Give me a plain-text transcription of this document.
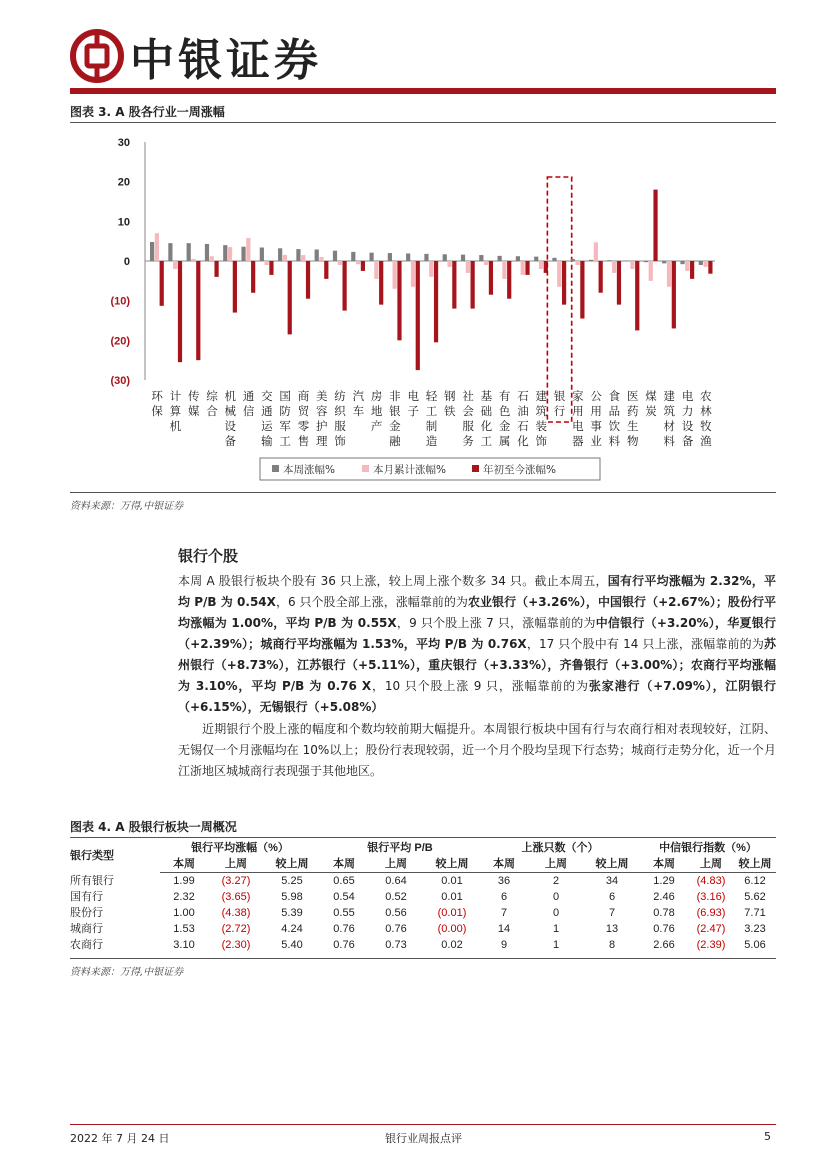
中银证券
图表 3. A 股各行业一周涨幅
30
20
10
0
(10)
(20)
(30)
环
保
计
算
机
传
媒
综
合
机
械
设
备
通
信
交
通
运
输
国
防
军
工
商
贸
零
售
美
容
护
理
纺
织
服
饰
汽
车
房
地
产
非
银
金
融
电
子
轻
工
制
造
钢
铁
社
会
服
务
基
础
化
工
有
色
金
属
石
油
石
化
建
筑
装
饰
银
行
家
用
电
器
公
用
事
业
食
品
饮
料
医
药
生
物
煤
炭
建
筑
材
料
电
力
设
备
农
林
牧
渔
本周涨幅%	本月累计涨幅%	年初至今涨幅%
资料来源：万得,中银证券
银行个股
本周 A 股银行板块个股有 36 只上涨，较上周上涨个数多 34 只。截止本周五，国有行平均涨幅为 2.32%，平均 P/B 为 0.54X，6 只个股全部上涨，涨幅靠前的为农业银行（+3.26%），中国银行（+2.67%）；股份行平均涨幅为 1.00%，平均 P/B 为 0.55X，9 只个股上涨 7 只，涨幅靠前的为中信银行（+3.20%），华夏银行（+2.39%）；城商行平均涨幅为 1.53%，平均 P/B 为 0.76X，17 只个股中有 14 只上涨，涨幅靠前的为苏州银行（+8.73%），江苏银行（+5.11%），重庆银行（+3.33%），齐鲁银行（+3.00%）；农商行平均涨幅为 3.10%，平均 P/B 为 0.76 X，10 只个股上涨 9 只，涨幅靠前的为张家港行（+7.09%），江阴银行（+6.15%），无锡银行（+5.08%）
近期银行个股上涨的幅度和个数均较前期大幅提升。本周银行板块中国有行与农商行相对表现较好，江阴、无锡仅一个月涨幅均在 10%以上；股份行表现较弱，近一个月个股均呈现下行态势；城商行走势分化，近一个月江浙地区城城商行表现强于其他地区。
图表 4. A 股银行板块一周概况
银行类型	银行平均涨幅（%）			银行平均 P/B			上涨只数（个）			中信银行指数（%）		
	本周	上周	较上周	本周	上周	较上周	本周	上周	较上周	本周	上周	较上周
所有银行	1.99	(3.27)	5.25	0.65	0.64	0.01	36	2	34	1.29	(4.83)	6.12
国有行	2.32	(3.65)	5.98	0.54	0.52	0.01	6	0	6	2.46	(3.16)	5.62
股份行	1.00	(4.38)	5.39	0.55	0.56	(0.01)	7	0	7	0.78	(6.93)	7.71
城商行	1.53	(2.72)	4.24	0.76	0.76	(0.00)	14	1	13	0.76	(2.47)	3.23
农商行	3.10	(2.30)	5.40	0.76	0.73	0.02	9	1	8	2.66	(2.39)	5.06
资料来源：万得,中银证券
2022 年 7 月 24 日	银行业周报点评	5
